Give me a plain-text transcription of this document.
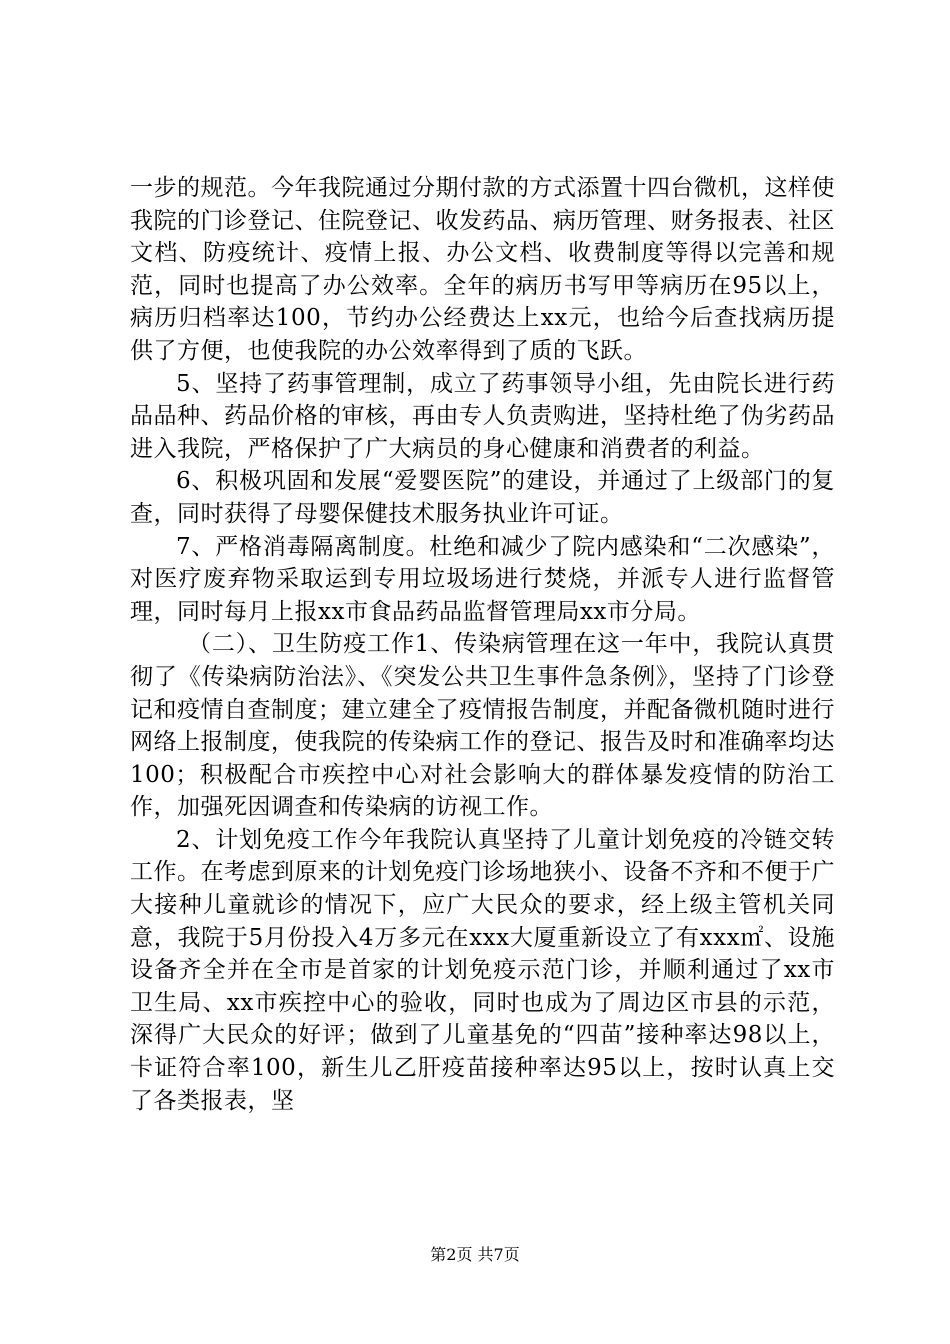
一步的规范。今年我院通过分期付款的方式添置十四台微机，这样使我院的门诊登记、住院登记、收发药品、病历管理、财务报表、社区文档、防疫统计、疫情上报、办公文档、收费制度等得以完善和规范，同时也提高了办公效率。全年的病历书写甲等病历在95以上，病历归档率达100，节约办公经费达上xx元，也给今后查找病历提供了方便，也使我院的办公效率得到了质的飞跃。

5、坚持了药事管理制，成立了药事领导小组，先由院长进行药品品种、药品价格的审核，再由专人负责购进，坚持杜绝了伪劣药品进入我院，严格保护了广大病员的身心健康和消费者的利益。

6、积极巩固和发展“爱婴医院”的建设，并通过了上级部门的复查，同时获得了母婴保健技术服务执业许可证。

7、严格消毒隔离制度。杜绝和减少了院内感染和“二次感染”，对医疗废弃物采取运到专用垃圾场进行焚烧，并派专人进行监督管理，同时每月上报xx市食品药品监督管理局xx市分局。

（二）、卫生防疫工作1、传染病管理在这一年中，我院认真贯彻了《传染病防治法》、《突发公共卫生事件急条例》，坚持了门诊登记和疫情自查制度；建立建全了疫情报告制度，并配备微机随时进行网络上报制度，使我院的传染病工作的登记、报告及时和准确率均达100；积极配合市疾控中心对社会影响大的群体暴发疫情的防治工作，加强死因调查和传染病的访视工作。

2、计划免疫工作今年我院认真坚持了儿童计划免疫的冷链交转工作。在考虑到原来的计划免疫门诊场地狭小、设备不齐和不便于广大接种儿童就诊的情况下，应广大民众的要求，经上级主管机关同意，我院于5月份投入4万多元在xxx大厦重新设立了有xxx㎡、设施设备齐全并在全市是首家的计划免疫示范门诊，并顺利通过了xx市卫生局、xx市疾控中心的验收，同时也成为了周边区市县的示范，深得广大民众的好评；做到了儿童基免的“四苗”接种率达98以上，卡证符合率100，新生儿乙肝疫苗接种率达95以上，按时认真上交了各类报表，坚

第2页 共7页
